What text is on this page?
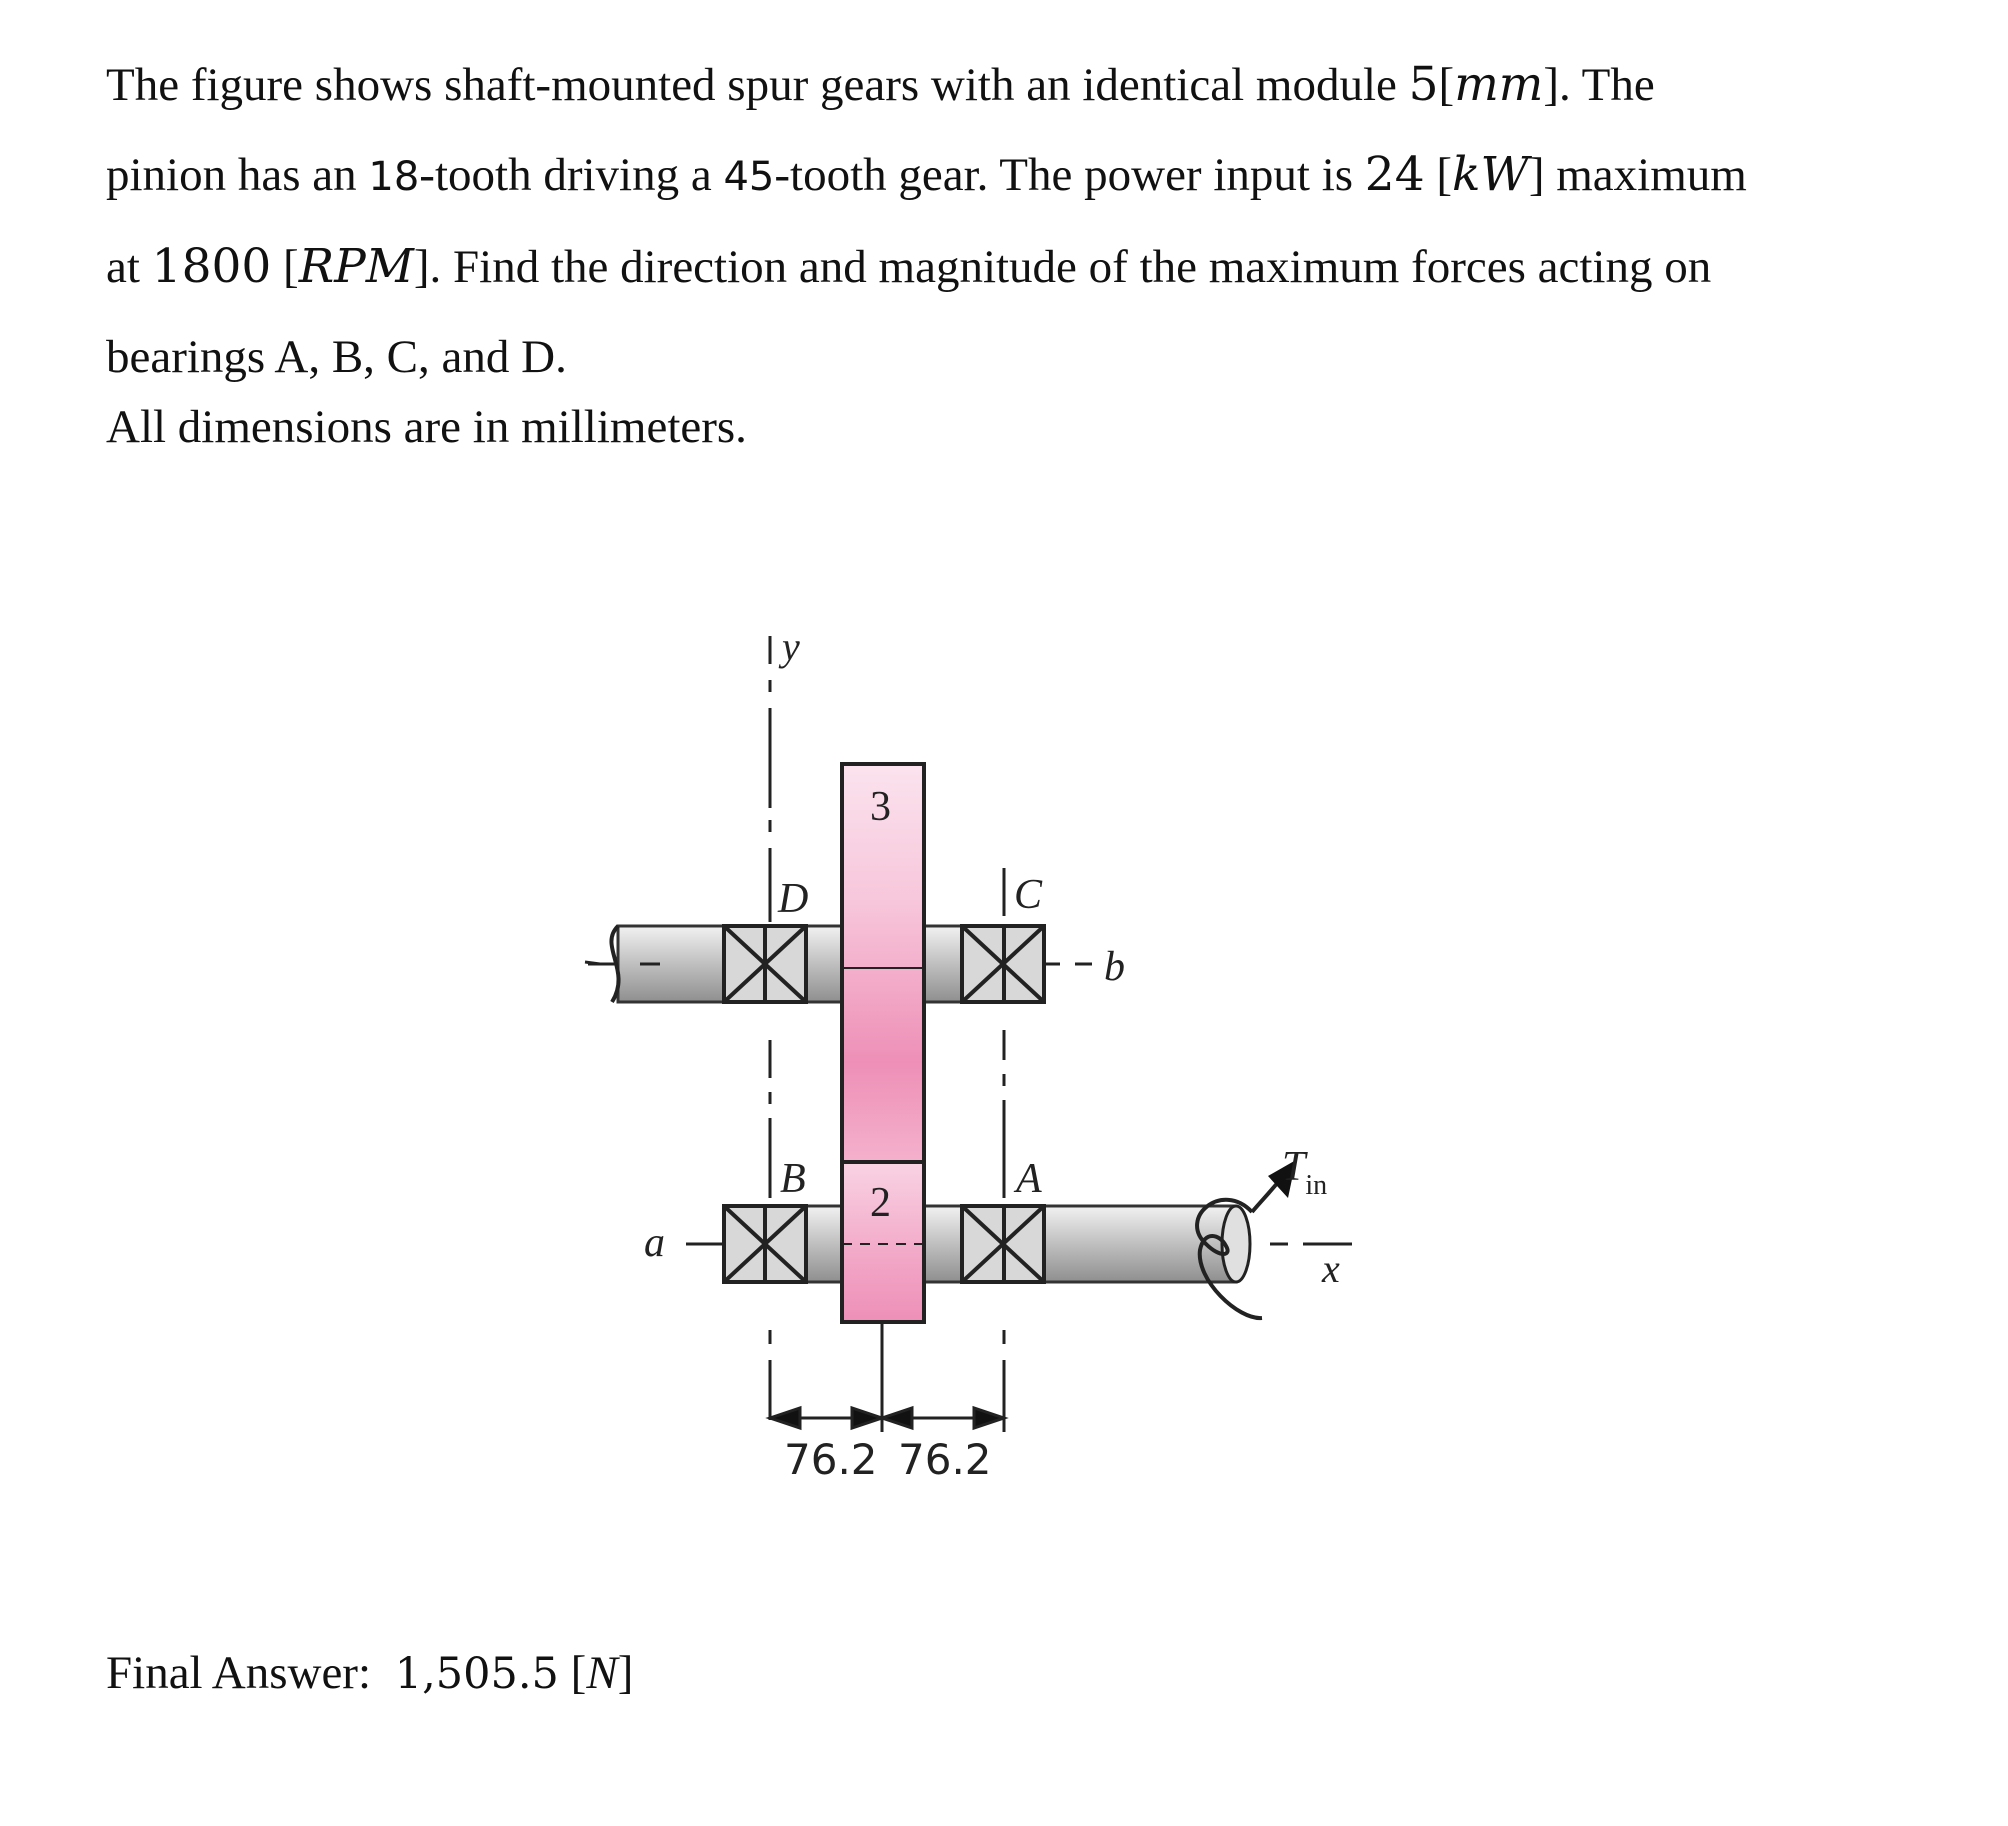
The figure shows shaft-mounted spur gears with an identical module 5[mm]. The

pinion has an 18-tooth driving a 45-tooth gear. The power input is 24 [kW] maximum

at 1800 [RPM]. Find the direction and magnitude of the maximum forces acting on

bearings A, B, C, and D.

All dimensions are in millimeters.

y
3
D	C
b
B
2
A
a
$T_{in}$
x
76.2 76.2
Final Answer: 1,505.5 [N]
